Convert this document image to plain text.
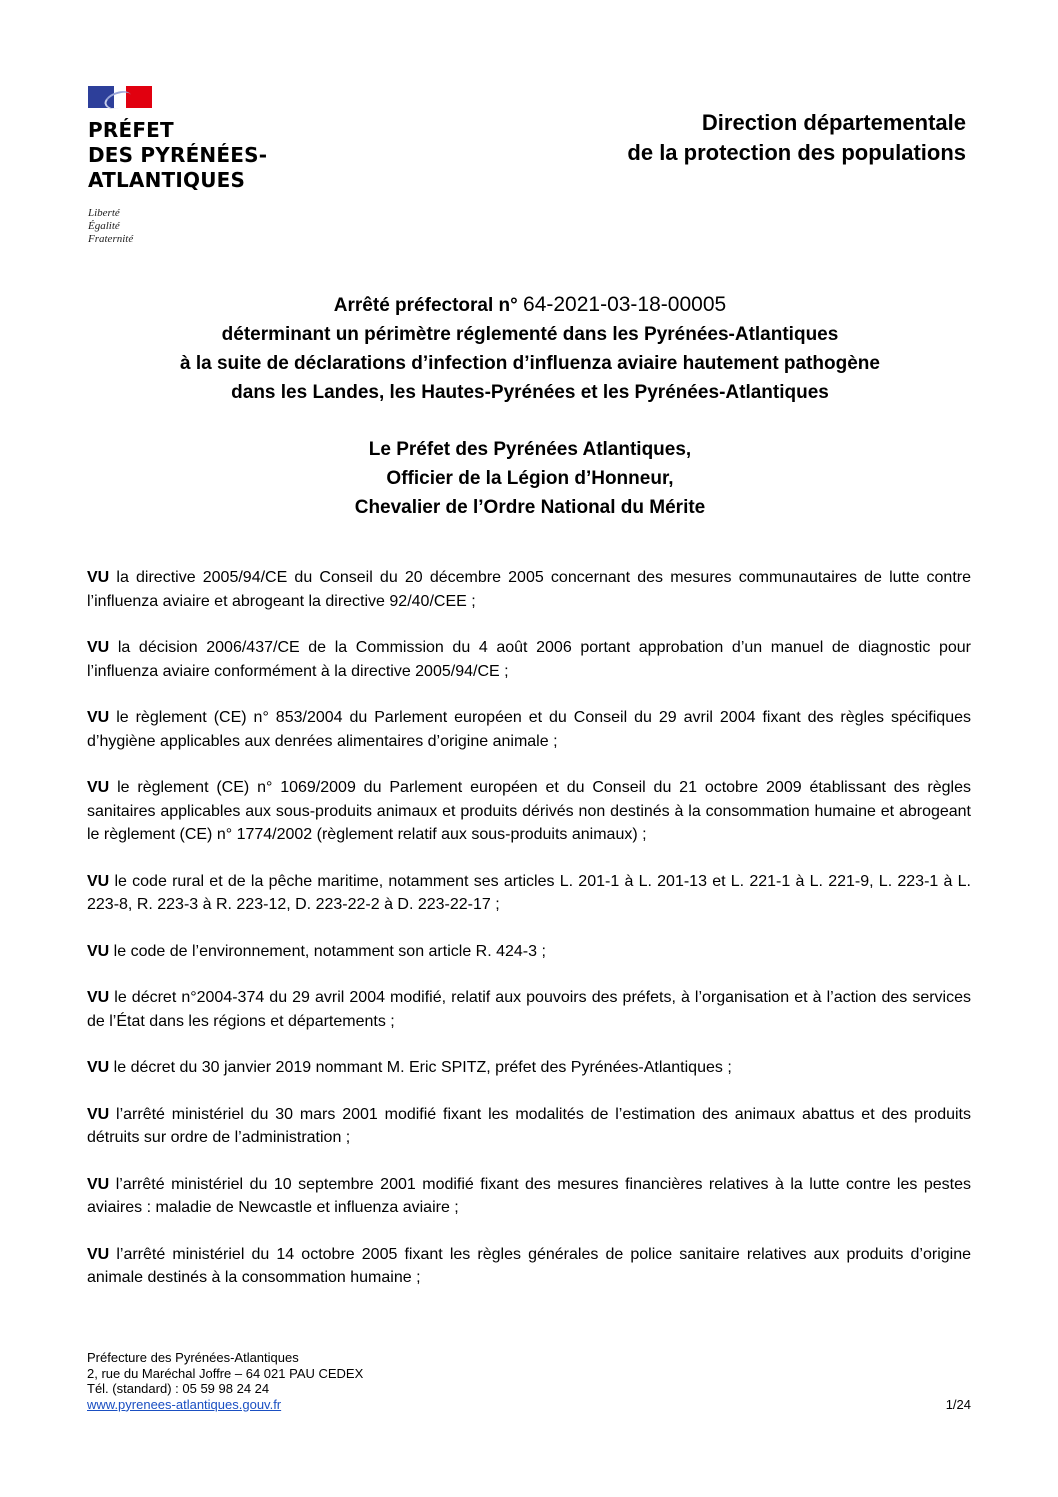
PRÉFET
DES PYRÉNÉES-
ATLANTIQUES
Liberté
Égalité
Fraternité
Direction départementale
de la protection des populations
Arrêté préfectoral n° 64-2021-03-18-00005
déterminant un périmètre réglementé dans les Pyrénées-Atlantiques
à la suite de déclarations d’infection d’influenza aviaire hautement pathogène
dans les Landes, les Hautes-Pyrénées et les Pyrénées-Atlantiques
Le Préfet des Pyrénées Atlantiques,
Officier de la Légion d’Honneur,
Chevalier de l’Ordre National du Mérite

VU la directive 2005/94/CE du Conseil du 20 décembre 2005 concernant des mesures communautaires de lutte contre l’influenza aviaire et abrogeant la directive 92/40/CEE ;

VU la décision 2006/437/CE de la Commission du 4 août 2006 portant approbation d’un manuel de diagnostic pour l’influenza aviaire conformément à la directive 2005/94/CE ;

VU le règlement (CE) n° 853/2004 du Parlement européen et du Conseil du 29 avril 2004 fixant des règles spécifiques d’hygiène applicables aux denrées alimentaires d’origine animale ;

VU le règlement (CE) n° 1069/2009 du Parlement européen et du Conseil du 21 octobre 2009 établissant des règles sanitaires applicables aux sous-produits animaux et produits dérivés non destinés à la consommation humaine et abrogeant le règlement (CE) n° 1774/2002 (règlement relatif aux sous-produits animaux) ;

VU le code rural et de la pêche maritime, notamment ses articles L. 201-1 à L. 201-13 et L. 221-1 à L. 221-9, L. 223-1 à L. 223-8, R. 223-3 à R. 223-12, D. 223-22-2 à D. 223-22-17 ;

VU le code de l’environnement, notamment son article R. 424-3 ;

VU le décret n°2004-374 du 29 avril 2004 modifié, relatif aux pouvoirs des préfets, à l’organisation et à l’action des services de l’État dans les régions et départements ;

VU le décret du 30 janvier 2019 nommant M. Eric SPITZ, préfet des Pyrénées-Atlantiques ;

VU l’arrêté ministériel du 30 mars 2001 modifié fixant les modalités de l’estimation des animaux abattus et des produits détruits sur ordre de l’administration ;

VU l’arrêté ministériel du 10 septembre 2001 modifié fixant des mesures financières relatives à la lutte contre les pestes aviaires : maladie de Newcastle et influenza aviaire ;

VU l’arrêté ministériel du 14 octobre 2005 fixant les règles générales de police sanitaire relatives aux produits d’origine animale destinés à la consommation humaine ;

Préfecture des Pyrénées-Atlantiques
2, rue du Maréchal Joffre – 64 021 PAU CEDEX
Tél. (standard) : 05 59 98 24 24
www.pyrenees-atlantiques.gouv.fr	1/24
